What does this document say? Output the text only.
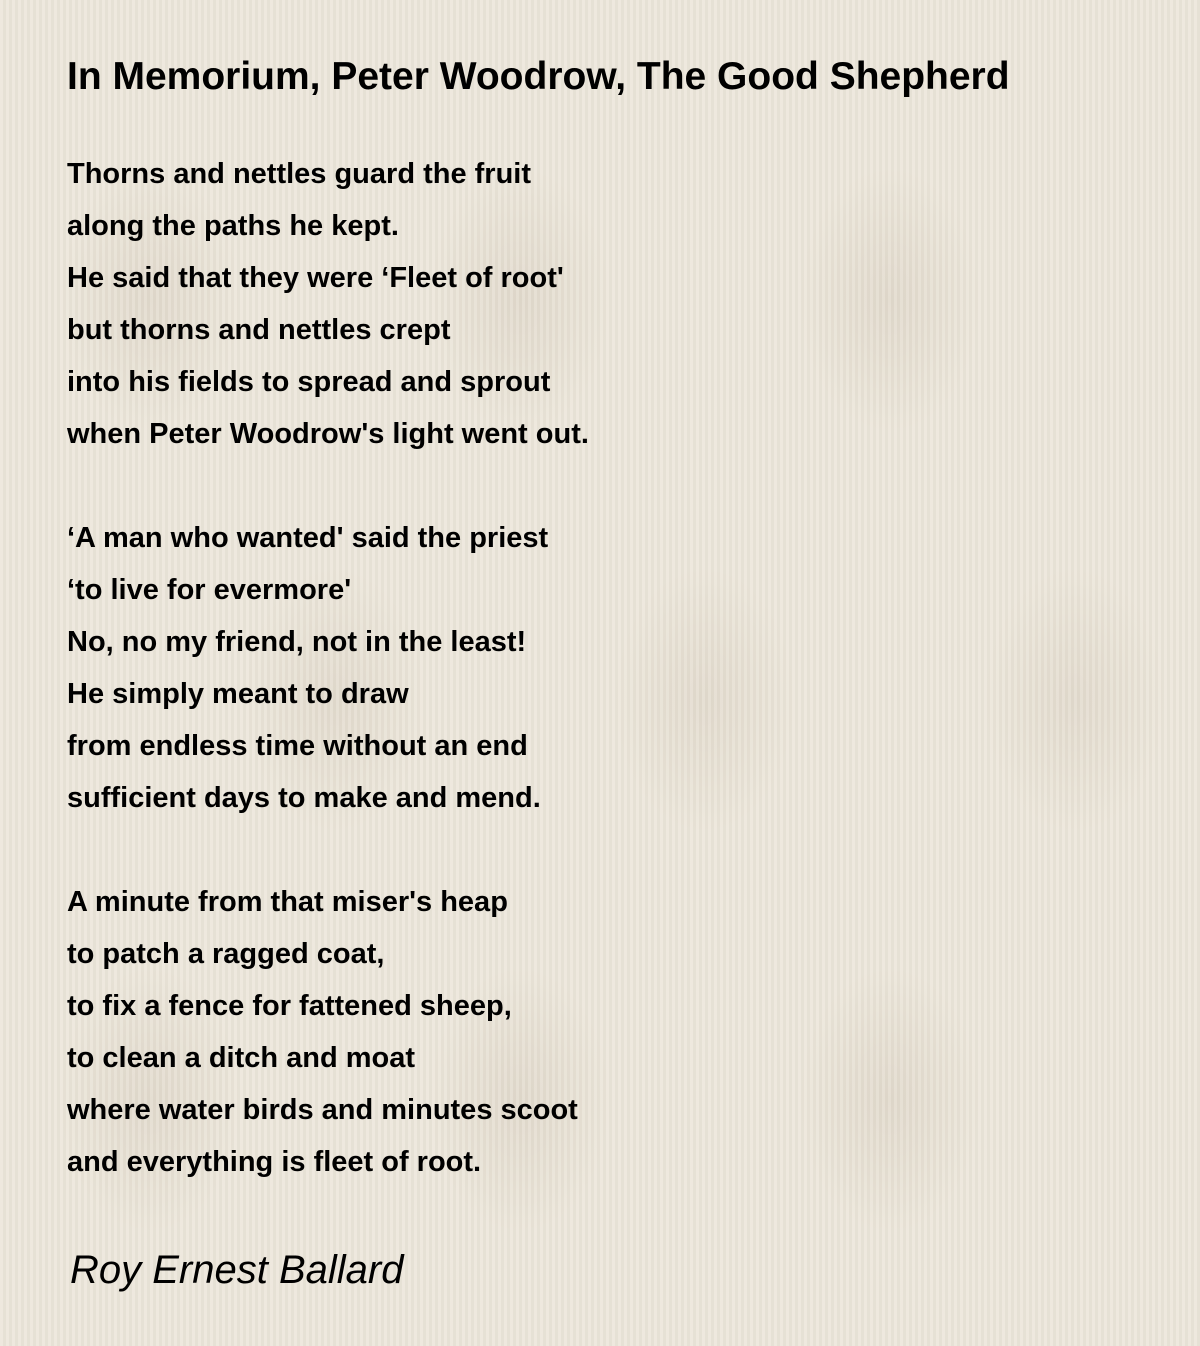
In Memorium, Peter Woodrow, The Good Shepherd
Thorns and nettles guard the fruit
along the paths he kept.
He said that they were ‘Fleet of root'
but thorns and nettles crept
into his fields to spread and sprout
when Peter Woodrow's light went out.
‘A man who wanted' said the priest
‘to live for evermore'
No, no my friend, not in the least!
He simply meant to draw
from endless time without an end
sufficient days to make and mend.
A minute from that miser's heap
to patch a ragged coat,
to fix a fence for fattened sheep,
to clean a ditch and moat
where water birds and minutes scoot
and everything is fleet of root.
Roy Ernest Ballard
